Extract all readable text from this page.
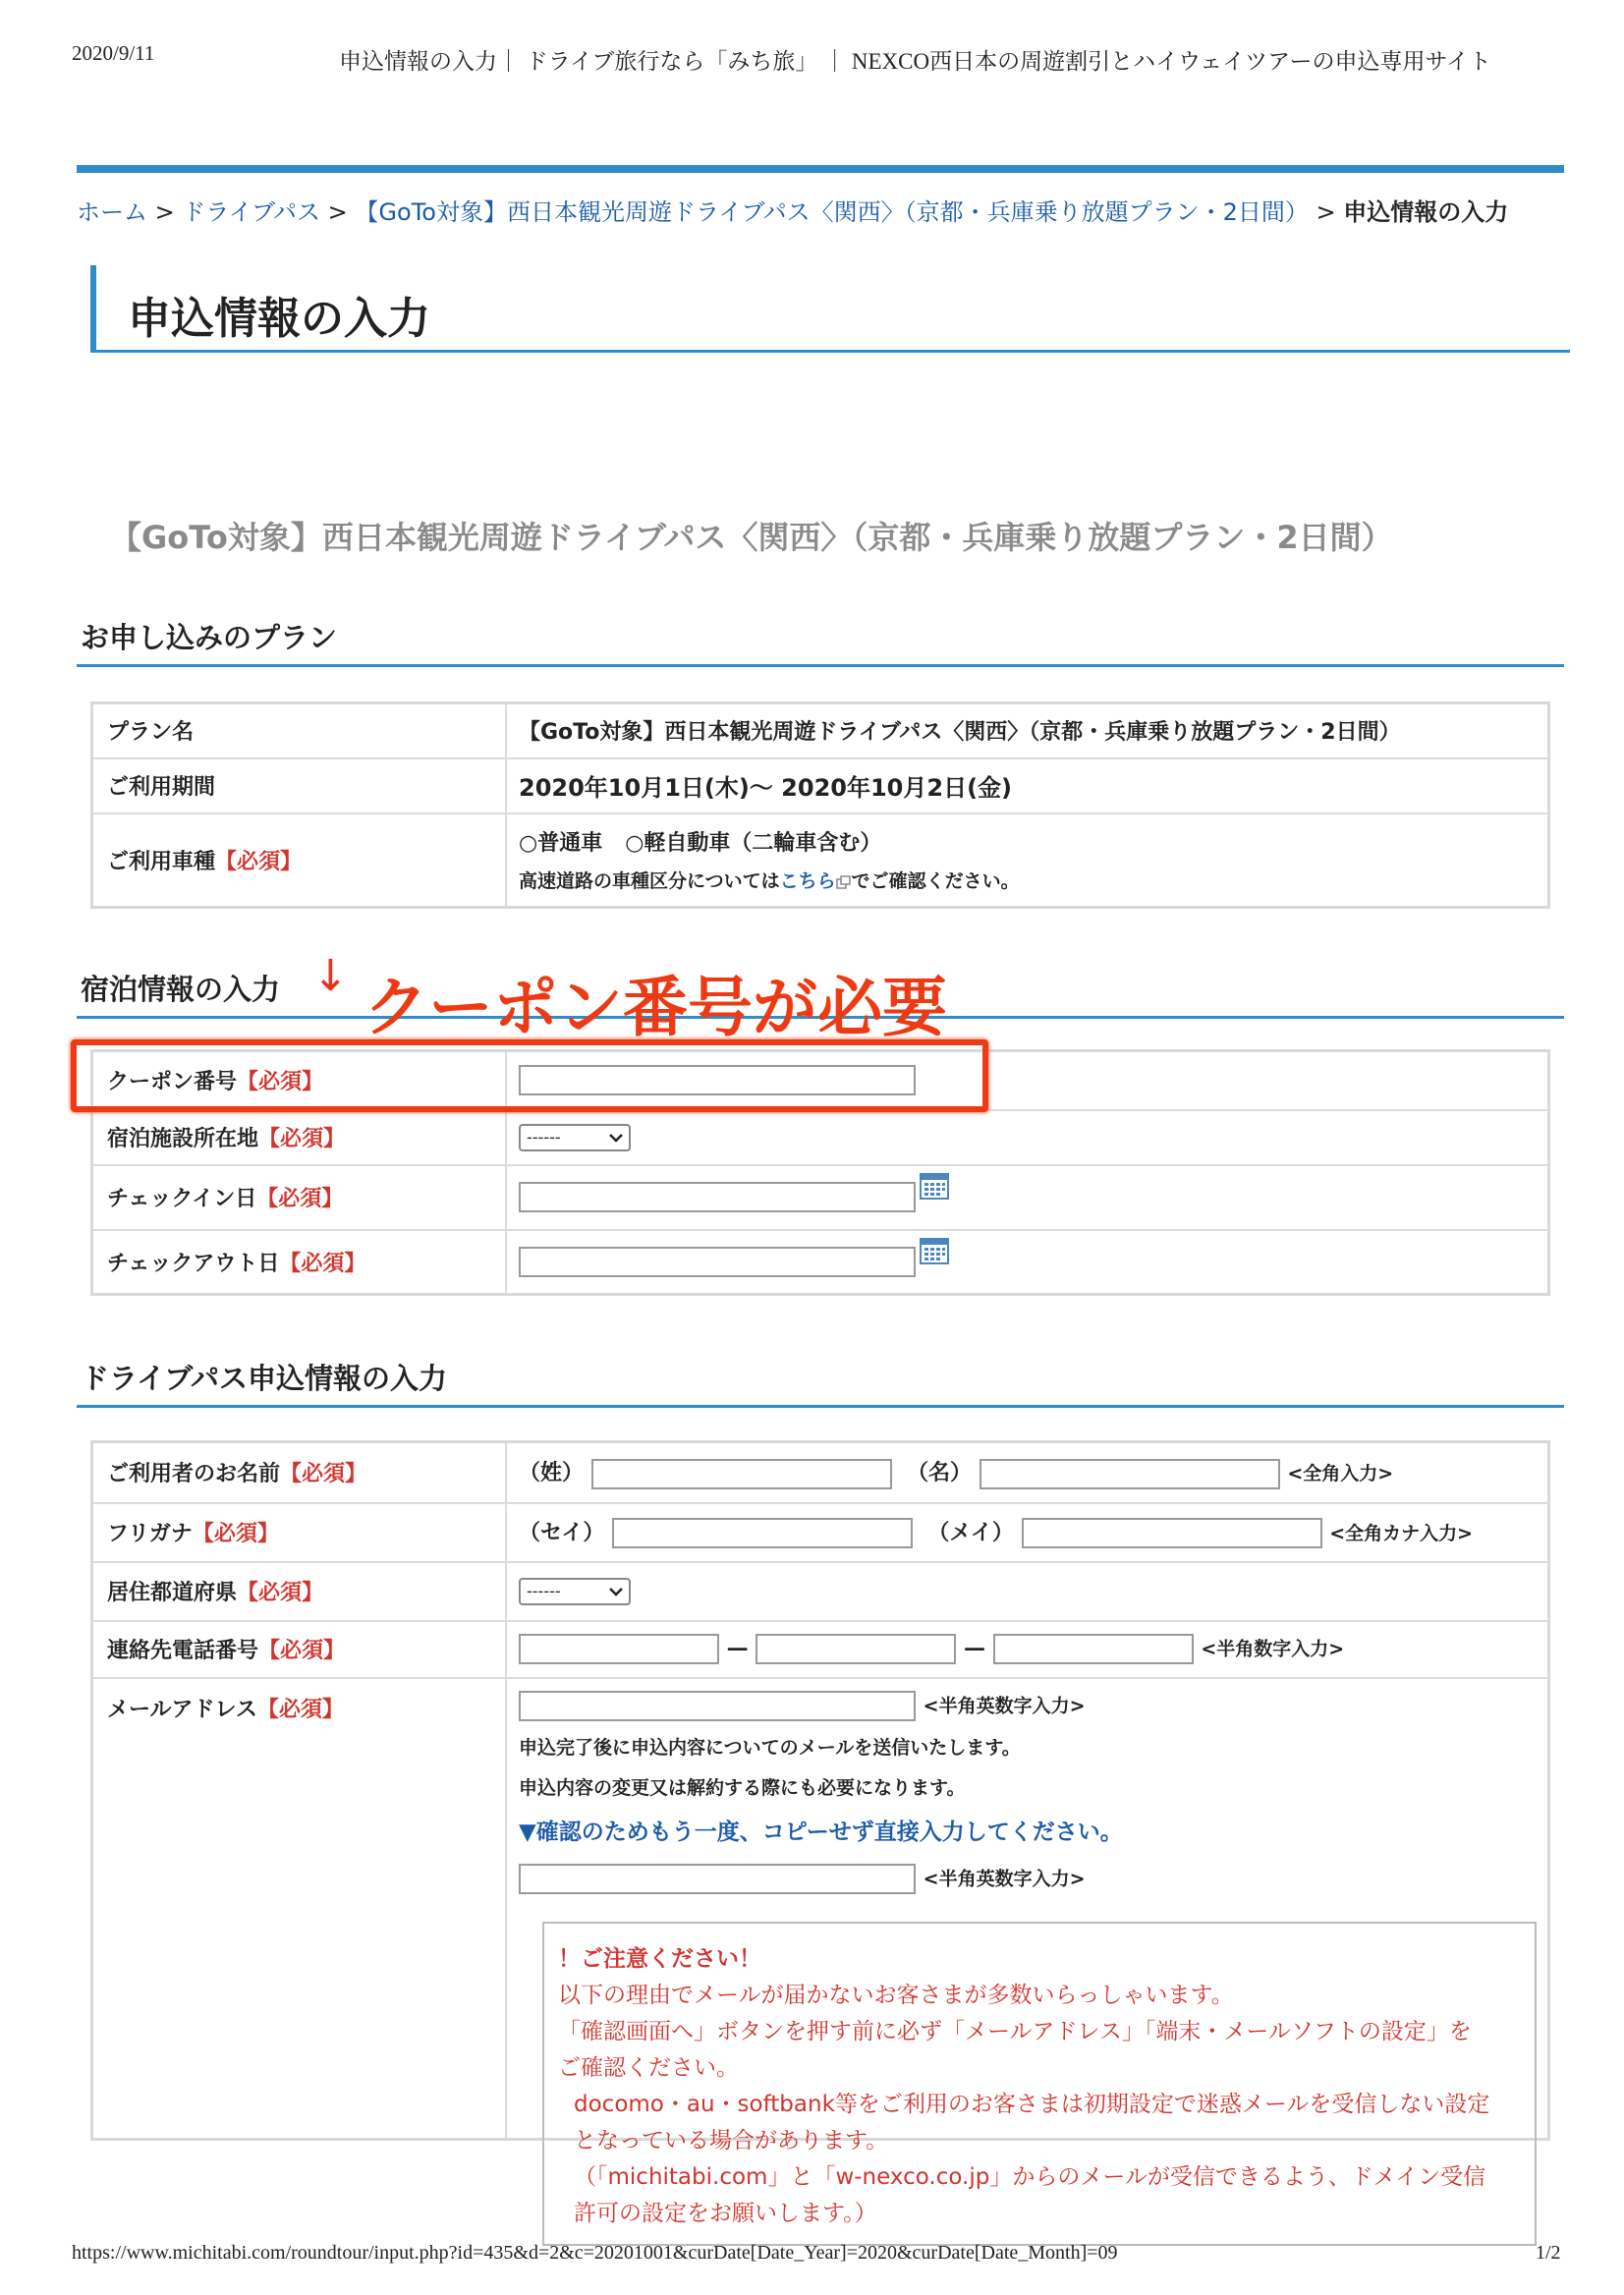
2020/9/11	申込情報の入力｜ ドライブ旅行なら「みち旅」 ｜ NEXCO西日本の周遊割引とハイウェイツアーの申込専用サイト
ホーム > ドライブパス > 【GoTo対象】西日本観光周遊ドライブパス〈関西〉（京都・兵庫乗り放題プラン・2日間） > 申込情報の入力
申込情報の入力
【GoTo対象】西日本観光周遊ドライブパス〈関西〉（京都・兵庫乗り放題プラン・2日間）
お申し込みのプラン
プラン名	【GoTo対象】西日本観光周遊ドライブパス〈関西〉（京都・兵庫乗り放題プラン・2日間）
ご利用期間	2020年10月1日(木)〜 2020年10月2日(金)
ご利用車種【必須】	○普通車 ○軽自動車（二輪車含む）
高速道路の車種区分についてはこちら でご確認ください。
宿泊情報の入力
クーポン番号【必須】	
宿泊施設所在地【必須】	------

チェックイン日【必須】	

チェックアウト日【必須】	
↓ クーポン番号が必要
ドライブパス申込情報の入力
ご利用者のお名前【必須】	（姓） （名） <全角入力>
フリガナ【必須】	（セイ） （メイ） <全角カナ入力>
居住都道府県【必須】	------

連絡先電話番号【必須】	— — <半角数字入力>
メールアドレス【必須】	<半角英数字入力>
申込完了後に申込内容についてのメールを送信いたします。
申込内容の変更又は解約する際にも必要になります。
▼確認のためもう一度、コピーせず直接入力してください。
<半角英数字入力>
！ご注意ください！
以下の理由でメールが届かないお客さまが多数いらっしゃいます。
「確認画面へ」ボタンを押す前に必ず「メールアドレス」「端末・メールソフトの設定」を
ご確認ください。
docomo・au・softbank等をご利用のお客さまは初期設定で迷惑メールを受信しない設定
となっている場合があります。
（「michitabi.com」と「w-nexco.co.jp」からのメールが受信できるよう、ドメイン受信
許可の設定をお願いします。）
https://www.michitabi.com/roundtour/input.php?id=435&d=2&c=20201001&curDate[Date_Year]=2020&curDate[Date_Month]=09	1/2
